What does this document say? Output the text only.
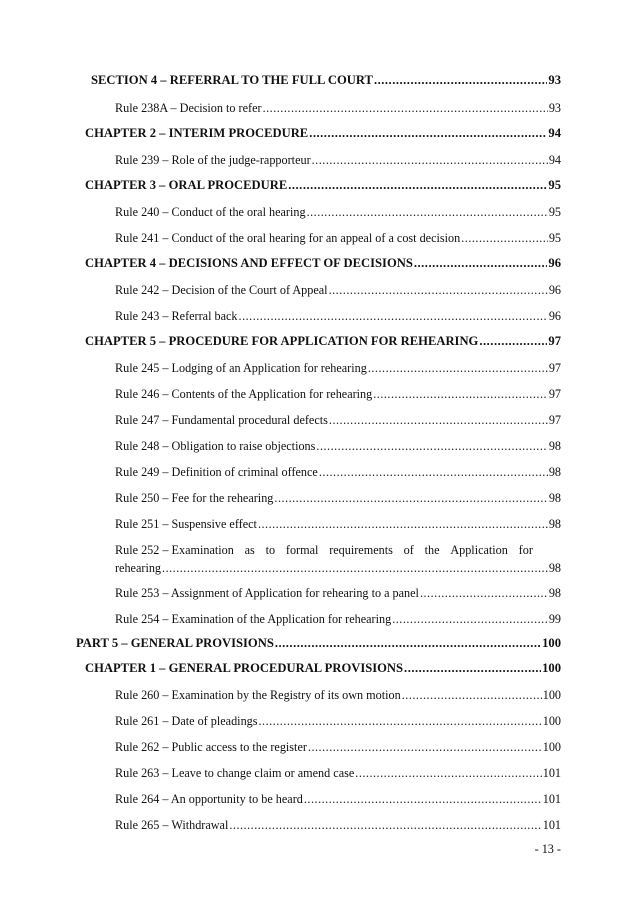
SECTION 4 – REFERRAL TO THE FULL COURT .....	93
Rule 238A – Decision to refer .....	93
CHAPTER 2 – INTERIM PROCEDURE .....	94
Rule 239 – Role of the judge-rapporteur .....	94
CHAPTER 3 – ORAL PROCEDURE .....	95
Rule 240 – Conduct of the oral hearing .....	95
Rule 241 – Conduct of the oral hearing for an appeal of a cost decision .....	95
CHAPTER 4 – DECISIONS AND EFFECT OF DECISIONS .....	96
Rule 242 – Decision of the Court of Appeal .....	96
Rule 243 – Referral back .....	96
CHAPTER 5 – PROCEDURE FOR APPLICATION FOR REHEARING .....	97
Rule 245 – Lodging of an Application for rehearing .....	97
Rule 246 – Contents of the Application for rehearing .....	97
Rule 247 – Fundamental procedural defects .....	97
Rule 248 – Obligation to raise objections .....	98
Rule 249 – Definition of criminal offence .....	98
Rule 250 – Fee for the rehearing .....	98
Rule 251 – Suspensive effect .....	98
Rule 252 – Examination as to formal requirements of the Application for
rehearing .....	98
Rule 253 – Assignment of Application for rehearing to a panel .....	98
Rule 254 – Examination of the Application for rehearing .....	99
PART 5 – GENERAL PROVISIONS .....	100
CHAPTER 1 – GENERAL PROCEDURAL PROVISIONS .....	100
Rule 260 – Examination by the Registry of its own motion .....	100
Rule 261 – Date of pleadings .....	100
Rule 262 – Public access to the register .....	100
Rule 263 – Leave to change claim or amend case .....	101
Rule 264 – An opportunity to be heard .....	101
Rule 265 – Withdrawal .....	101
- 13 -
